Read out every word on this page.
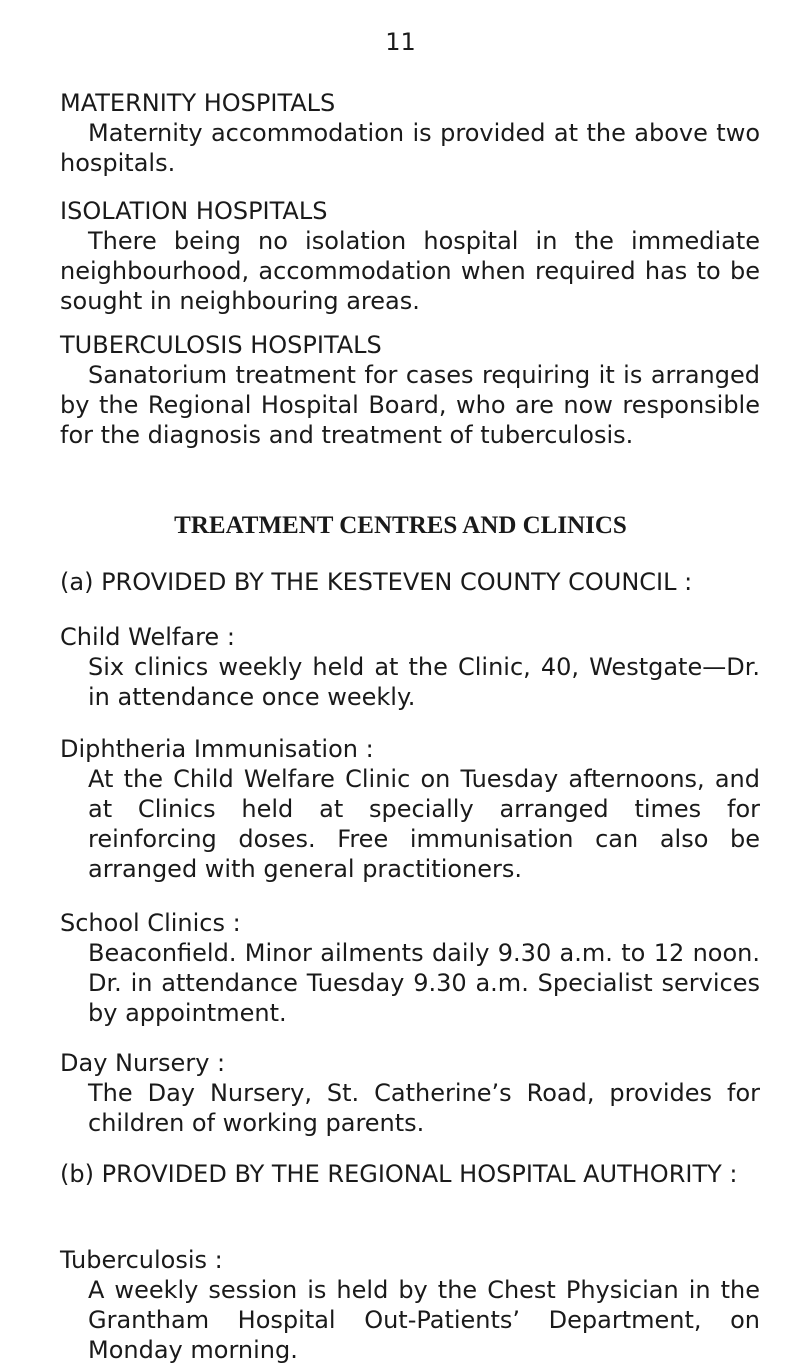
11

MATERNITY HOSPITALS

Maternity accommodation is provided at the above two hospitals.

ISOLATION HOSPITALS

There being no isolation hospital in the immediate neighbourhood, accommodation when required has to be sought in neighbouring areas.

TUBERCULOSIS HOSPITALS

Sanatorium treatment for cases requiring it is arranged by the Regional Hospital Board, who are now responsible for the diagnosis and treatment of tuberculosis.

TREATMENT CENTRES AND CLINICS
(a) PROVIDED BY THE KESTEVEN COUNTY COUNCIL :

Child Welfare :

Six clinics weekly held at the Clinic, 40, Westgate—Dr. in attendance once weekly.

Diphtheria Immunisation :

At the Child Welfare Clinic on Tuesday afternoons, and at Clinics held at specially arranged times for reinforcing doses. Free immunisation can also be arranged with general practitioners.

School Clinics :

Beaconfield. Minor ailments daily 9.30 a.m. to 12 noon. Dr. in attendance Tuesday 9.30 a.m. Specialist services by appointment.

Day Nursery :

The Day Nursery, St. Catherine’s Road, provides for children of working parents.

(b) PROVIDED BY THE REGIONAL HOSPITAL AUTHORITY :

Tuberculosis :

A weekly session is held by the Chest Physician in the Grantham Hospital Out-Patients’ Department, on Monday morning.
